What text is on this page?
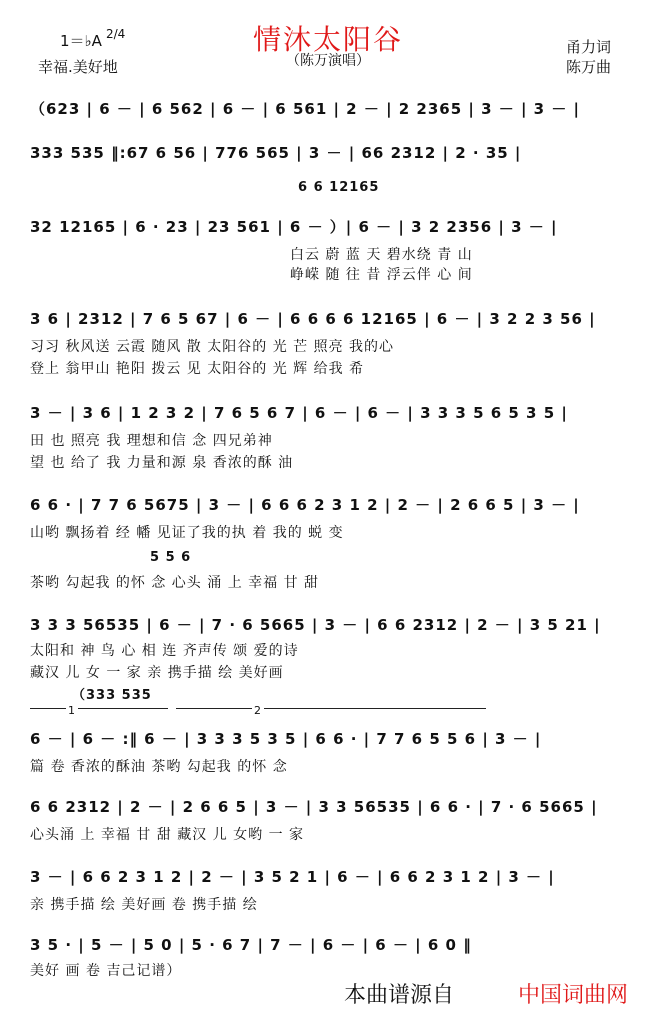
情沐太阳谷
1＝♭A 2/4
幸福.美好地	（陈万演唱）
甬力词
陈万曲
（623 | 6 － | 6 562 | 6 － | 6 561 | 2 － | 2 2365 | 3 － | 3 － |
333 535 ‖:67 6 56 | 776 565 | 3 － | 66 2312 | 2 · 35 |
6 6 12165
32 12165 | 6 · 23 | 23 561 | 6 － ）| 6 － | 3 2 2356 | 3 － |
白云 蔚 蓝 天 碧水绕 青 山
峥嵘 随 往 昔 浮云伴 心 间
3 6 | 2312 | 7 6 5 67 | 6 － | 6 6 6 6 12165 | 6 － | 3 2 2 3 56 |
习习 秋风送 云霞 随风 散 太阳谷的 光 芒 照亮 我的心
登上 翁甲山 艳阳 拨云 见 太阳谷的 光 辉 给我 希
3 － | 3 6 | 1 2 3 2 | 7 6 5 6 7 | 6 － | 6 － | 3 3 3 5 6 5 3 5 |
田 也 照亮 我 理想和信 念 四兄弟神
望 也 给了 我 力量和源 泉 香浓的酥 油
6 6 · | 7 7 6 5675 | 3 － | 6 6 6 2 3 1 2 | 2 － | 2 6 6 5 | 3 － |
山哟 飘扬着 经 幡 见证了我的执 着 我的 蜕 变
5 5 6
茶哟 勾起我 的怀 念 心头 涌 上 幸福 甘 甜
3 3 3 56535 | 6 － | 7 · 6 5665 | 3 － | 6 6 2312 | 2 － | 3 5 21 |
太阳和 神 鸟 心 相 连 齐声传 颂 爱的诗
藏汉 儿 女 一 家 亲 携手描 绘 美好画
（333 535
1	2
6 － | 6 － :‖ 6 － | 3 3 3 5 3 5 | 6 6 · | 7 7 6 5 5 6 | 3 － |
篇 卷 香浓的酥油 茶哟 勾起我 的怀 念
6 6 2312 | 2 － | 2 6 6 5 | 3 － | 3 3 56535 | 6 6 · | 7 · 6 5665 |
心头涌 上 幸福 甘 甜 藏汉 儿 女哟 一 家
3 － | 6 6 2 3 1 2 | 2 － | 3 5 2 1 | 6 － | 6 6 2 3 1 2 | 3 － |
亲 携手描 绘 美好画 卷 携手描 绘
3 5 · | 5 － | 5 0 | 5 · 6 7 | 7 － | 6 － | 6 － | 6 0 ‖
美好 画 卷 吉己记谱）
本曲谱源自	中国词曲网
